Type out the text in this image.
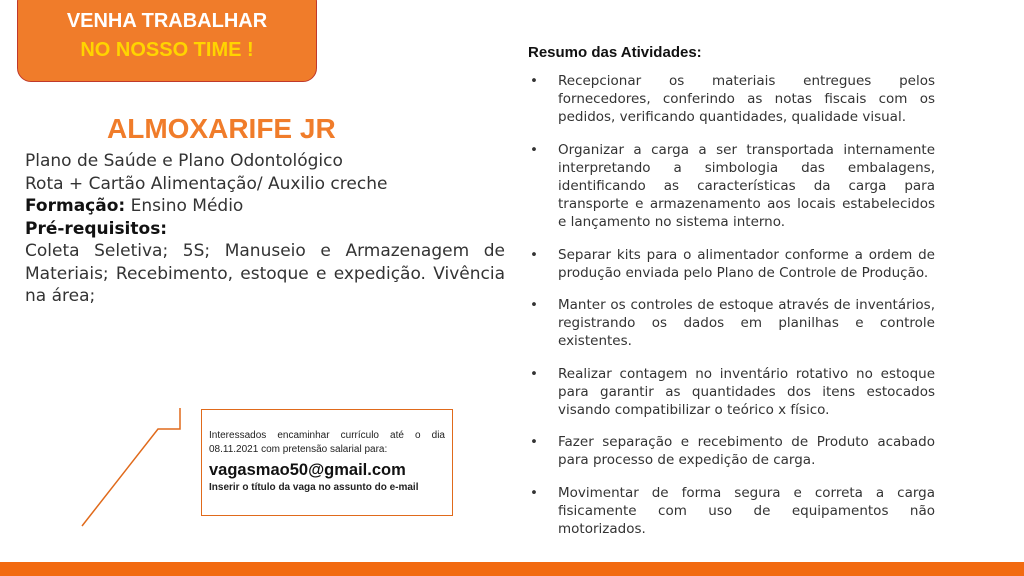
VENHA TRABALHAR
NO NOSSO TIME !
ALMOXARIFE JR
Plano de Saúde e Plano Odontológico
Rota + Cartão Alimentação/ Auxilio creche
Formação: Ensino Médio
Pré-requisitos:
Coleta Seletiva; 5S; Manuseio e Armazenagem de Materiais; Recebimento, estoque e expedição. Vivência na área;
Interessados encaminhar currículo até o dia 08.11.2021 com pretensão salarial para:
vagasmao50@gmail.com
Inserir o título da vaga no assunto do e-mail
Resumo das Atividades:
• Recepcionar os materiais entregues pelos fornecedores, conferindo as notas fiscais com os pedidos, verificando quantidades, qualidade visual.
• Organizar a carga a ser transportada internamente interpretando a simbologia das embalagens, identificando as características da carga para transporte e armazenamento aos locais estabelecidos e lançamento no sistema interno.
• Separar kits para o alimentador conforme a ordem de produção enviada pelo Plano de Controle de Produção.
• Manter os controles de estoque através de inventários, registrando os dados em planilhas e controle existentes.
• Realizar contagem no inventário rotativo no estoque para garantir as quantidades dos itens estocados visando compatibilizar o teórico x físico.
• Fazer separação e recebimento de Produto acabado para processo de expedição de carga.
• Movimentar de forma segura e correta a carga fisicamente com uso de equipamentos não motorizados.
